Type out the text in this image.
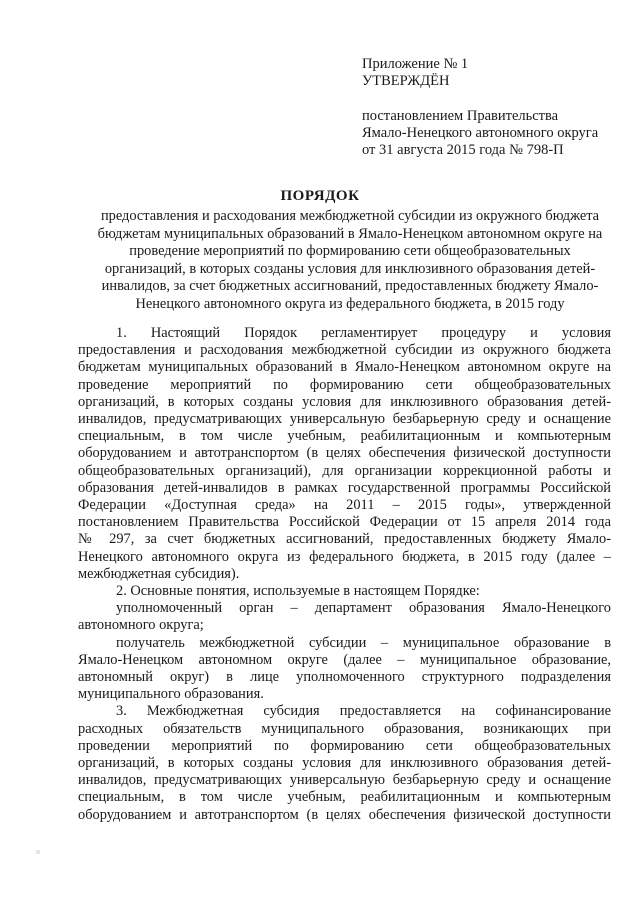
Приложение № 1
УТВЕРЖДЁН
постановлением Правительства
Ямало-Ненецкого автономного округа
от 31 августа 2015 года № 798-П
ПОРЯДОК
предоставления и расходования межбюджетной субсидии из окружного бюджета
бюджетам муниципальных образований в Ямало-Ненецком автономном округе на
проведение мероприятий по формированию сети общеобразовательных
организаций, в которых созданы условия для инклюзивного образования детей-
инвалидов, за счет бюджетных ассигнований, предоставленных бюджету Ямало-
Ненецкого автономного округа из федерального бюджета, в 2015 году
1. Настоящий Порядок регламентирует процедуру и условия
предоставления и расходования межбюджетной субсидии из окружного бюджета
бюджетам муниципальных образований в Ямало-Ненецком автономном округе на
проведение мероприятий по формированию сети общеобразовательных
организаций, в которых созданы условия для инклюзивного образования детей-
инвалидов, предусматривающих универсальную безбарьерную среду и оснащение
специальным, в том числе учебным, реабилитационным и компьютерным
оборудованием и автотранспортом (в целях обеспечения физической доступности
общеобразовательных организаций), для организации коррекционной работы и
образования детей-инвалидов в рамках государственной программы Российской
Федерации «Доступная среда» на 2011 – 2015 годы», утвержденной
постановлением Правительства Российской Федерации от 15 апреля 2014 года
№ 297, за счет бюджетных ассигнований, предоставленных бюджету Ямало-
Ненецкого автономного округа из федерального бюджета, в 2015 году (далее –
межбюджетная субсидия).
2. Основные понятия, используемые в настоящем Порядке:
уполномоченный орган – департамент образования Ямало-Ненецкого
автономного округа;
получатель межбюджетной субсидии – муниципальное образование в
Ямало-Ненецком автономном округе (далее – муниципальное образование,
автономный округ) в лице уполномоченного структурного подразделения
муниципального образования.
3. Межбюджетная субсидия предоставляется на софинансирование
расходных обязательств муниципального образования, возникающих при
проведении мероприятий по формированию сети общеобразовательных
организаций, в которых созданы условия для инклюзивного образования детей-
инвалидов, предусматривающих универсальную безбарьерную среду и оснащение
специальным, в том числе учебным, реабилитационным и компьютерным
оборудованием и автотранспортом (в целях обеспечения физической доступности
